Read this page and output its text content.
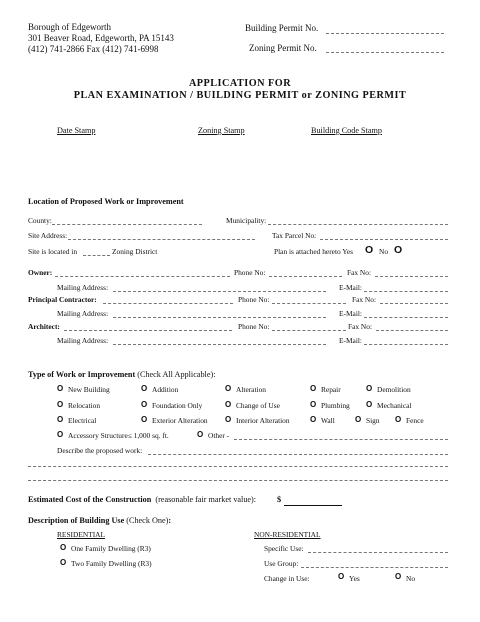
Borough of Edgeworth
301 Beaver Road, Edgeworth, PA 15143
(412) 741-2866 Fax (412) 741-6998
Building Permit No.
Zoning Permit No.
APPLICATION FOR
PLAN EXAMINATION / BUILDING PERMIT or ZONING PERMIT
Date Stamp	Zoning Stamp	Building Code Stamp
Location of Proposed Work or Improvement
County:	Municipality:
Site Address:	Tax Parcel No:
Site is located in	Zoning District	Plan is attached hereto Yes O No O
Owner:	Phone No:	Fax No:
Mailing Address:	E-Mail:
Principal Contractor:	Phone No:	Fax No:
Mailing Address:	E-Mail:
Architect:	Phone No:	Fax No:
Mailing Address:	E-Mail:
Type of Work or Improvement (Check All Applicable):
O New Building	O Addition	O Alteration	O Repair	O Demolition
O Relocation	O Foundation Only	O Change of Use	O Plumbing O Mechanical
O Electrical	O Exterior Alteration O Interior Alteration	O Wall	O Sign O Fence
O Accessory Structure≤ 1,000 sq. ft.	O Other -
Describe the proposed work:
Estimated Cost of the Construction (reasonable fair market value):	$
Description of Building Use (Check One):
RESIDENTIAL	NON-RESIDENTIAL
O One Family Dwelling (R3)	Specific Use:
O Two Family Dwelling (R3)	Use Group:
Change in Use:	O Yes	O No
